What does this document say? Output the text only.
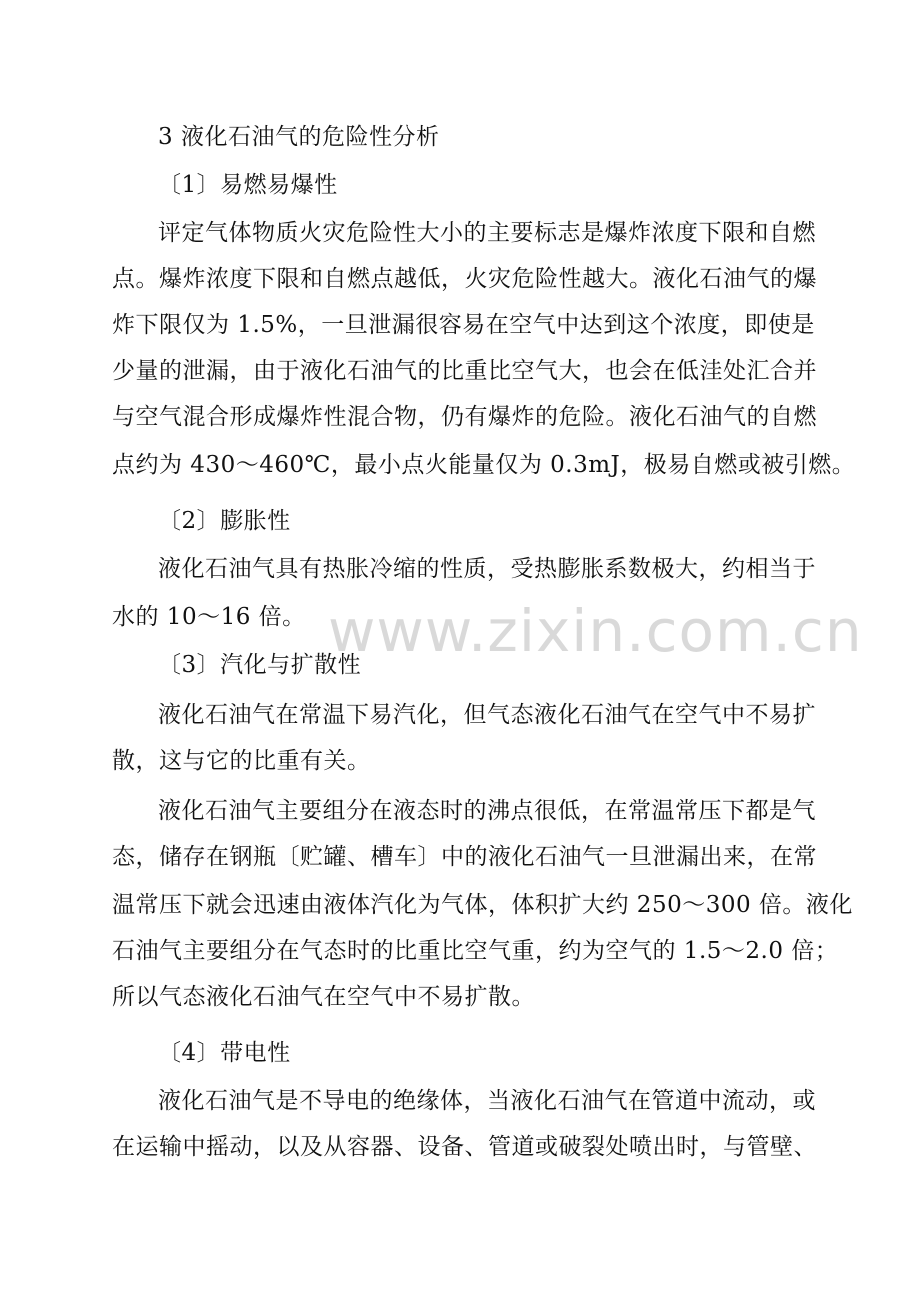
www.zixin.com.cn
3 液化石油气的危险性分析
〔1〕易燃易爆性
评定气体物质火灾危险性大小的主要标志是爆炸浓度下限和自燃
点。爆炸浓度下限和自燃点越低，火灾危险性越大。液化石油气的爆
炸下限仅为 1.5%，一旦泄漏很容易在空气中达到这个浓度，即使是
少量的泄漏，由于液化石油气的比重比空气大，也会在低洼处汇合并
与空气混合形成爆炸性混合物，仍有爆炸的危险。液化石油气的自燃
点约为 430～460℃，最小点火能量仅为 0.3mJ，极易自燃或被引燃。
〔2〕膨胀性
液化石油气具有热胀冷缩的性质，受热膨胀系数极大，约相当于
水的 10～16 倍。
〔3〕汽化与扩散性
液化石油气在常温下易汽化，但气态液化石油气在空气中不易扩
散，这与它的比重有关。
液化石油气主要组分在液态时的沸点很低，在常温常压下都是气
态，储存在钢瓶〔贮罐、槽车〕中的液化石油气一旦泄漏出来，在常
温常压下就会迅速由液体汽化为气体，体积扩大约 250～300 倍。液化
石油气主要组分在气态时的比重比空气重，约为空气的 1.5～2.0 倍；
所以气态液化石油气在空气中不易扩散。
〔4〕带电性
液化石油气是不导电的绝缘体，当液化石油气在管道中流动，或
在运输中摇动，以及从容器、设备、管道或破裂处喷出时，与管壁、
